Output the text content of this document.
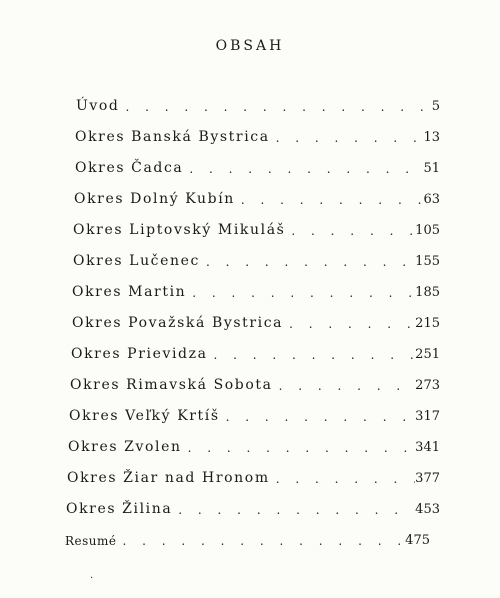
OBSAH
Úvod . . .	5
Okres Banská Bystrica . . .	13
Okres Čadca . . .	51
Okres Dolný Kubín . . .	63
Okres Liptovský Mikuláš . . .	105
Okres Lučenec . . .	155
Okres Martin . . .	185
Okres Považská Bystrica . . .	215
Okres Prievidza . . .	251
Okres Rimavská Sobota . . .	273
Okres Veľký Krtíš . . .	317
Okres Zvolen . . .	341
Okres Žiar nad Hronom . . .	377
Okres Žilina . . .	453
Resumé . . .	475
.
